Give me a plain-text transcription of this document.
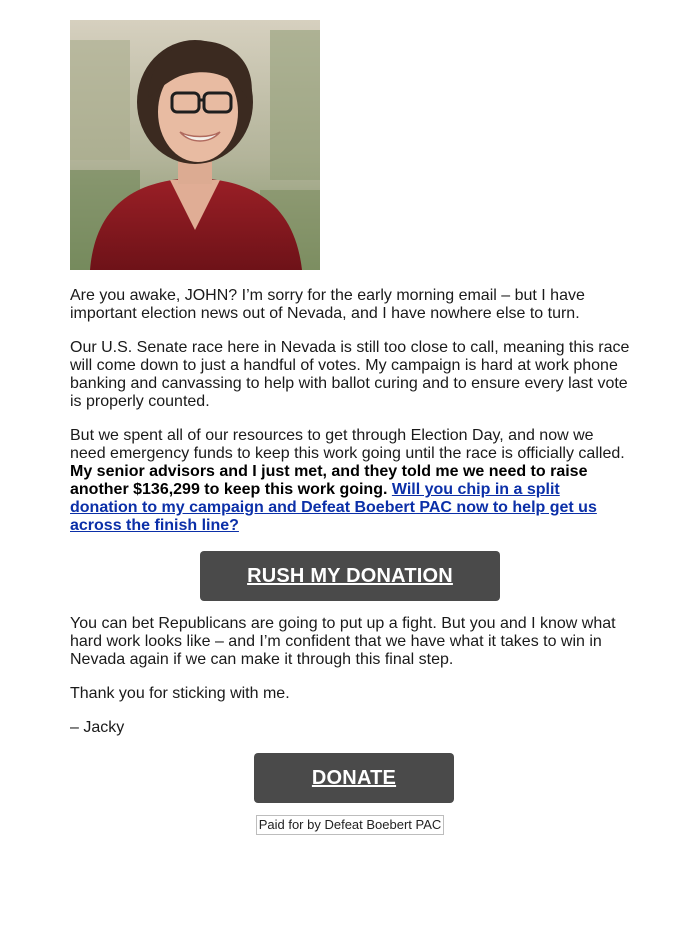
Are you awake, JOHN? I’m sorry for the early morning email – but I have important election news out of Nevada, and I have nowhere else to turn.

Our U.S. Senate race here in Nevada is still too close to call, meaning this race will come down to just a handful of votes. My campaign is hard at work phone banking and canvassing to help with ballot curing and to ensure every last vote is properly counted.

But we spent all of our resources to get through Election Day, and now we need emergency funds to keep this work going until the race is officially called. My senior advisors and I just met, and they told me we need to raise another $136,299 to keep this work going. Will you chip in a split donation to my campaign and Defeat Boebert PAC now to help get us across the finish line?

RUSH MY DONATION

You can bet Republicans are going to put up a fight. But you and I know what hard work looks like – and I’m confident that we have what it takes to win in Nevada again if we can make it through this final step.

Thank you for sticking with me.

– Jacky

DONATE
Paid for by Defeat Boebert PAC
